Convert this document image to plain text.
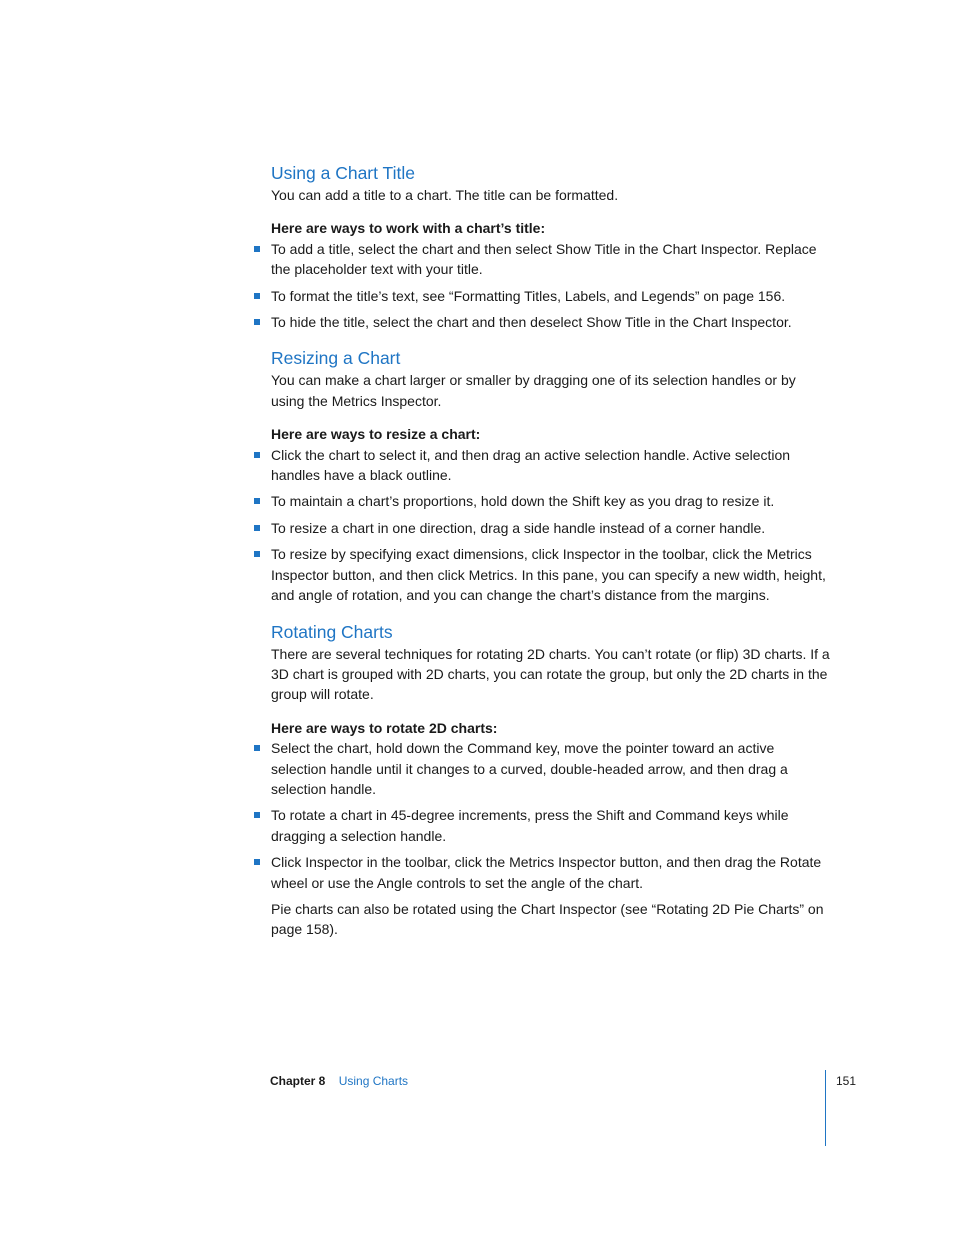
Using a Chart Title

You can add a title to a chart. The title can be formatted.

Here are ways to work with a chart’s title:

To add a title, select the chart and then select Show Title in the Chart Inspector. Replace the placeholder text with your title.
To format the title’s text, see “Formatting Titles, Labels, and Legends” on page 156.
To hide the title, select the chart and then deselect Show Title in the Chart Inspector.
Resizing a Chart

You can make a chart larger or smaller by dragging one of its selection handles or by using the Metrics Inspector.

Here are ways to resize a chart:

Click the chart to select it, and then drag an active selection handle. Active selection handles have a black outline.
To maintain a chart’s proportions, hold down the Shift key as you drag to resize it.
To resize a chart in one direction, drag a side handle instead of a corner handle.
To resize by specifying exact dimensions, click Inspector in the toolbar, click the Metrics Inspector button, and then click Metrics. In this pane, you can specify a new width, height, and angle of rotation, and you can change the chart’s distance from the margins.
Rotating Charts

There are several techniques for rotating 2D charts. You can’t rotate (or flip) 3D charts. If a 3D chart is grouped with 2D charts, you can rotate the group, but only the 2D charts in the group will rotate.

Here are ways to rotate 2D charts:

Select the chart, hold down the Command key, move the pointer toward an active selection handle until it changes to a curved, double-headed arrow, and then drag a selection handle.
To rotate a chart in 45-degree increments, press the Shift and Command keys while dragging a selection handle.
Click Inspector in the toolbar, click the Metrics Inspector button, and then drag the Rotate wheel or use the Angle controls to set the angle of the chart.

Pie charts can also be rotated using the Chart Inspector (see “Rotating 2D Pie Charts” on page 158).

Chapter 8 Using Charts	151
